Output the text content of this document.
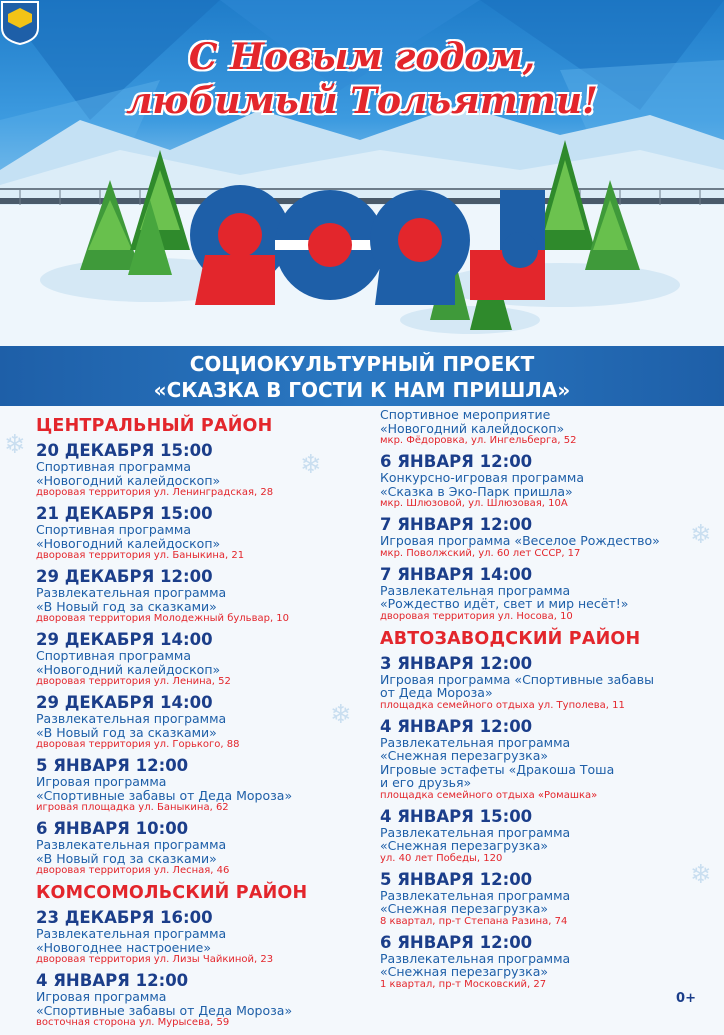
С Новым годом,
любимый Тольятти!
СОЦИОКУЛЬТУРНЫЙ ПРОЕКТ
«СКАЗКА В ГОСТИ К НАМ ПРИШЛА»
❄
❄
❄
❄
❄
ЦЕНТРАЛЬНЫЙ РАЙОН
20 ДЕКАБРЯ 15:00
Спортивная программа
«Новогодний калейдоскоп»
дворовая территория ул. Ленинградская, 28
21 ДЕКАБРЯ 15:00
Спортивная программа
«Новогодний калейдоскоп»
дворовая территория ул. Баныкина, 21
29 ДЕКАБРЯ 12:00
Развлекательная программа
«В Новый год за сказками»
дворовая территория Молодежный бульвар, 10
29 ДЕКАБРЯ 14:00
Спортивная программа
«Новогодний калейдоскоп»
дворовая территория ул. Ленина, 52
29 ДЕКАБРЯ 14:00
Развлекательная программа
«В Новый год за сказками»
дворовая территория ул. Горького, 88
5 ЯНВАРЯ 12:00
Игровая программа
«Спортивные забавы от Деда Мороза»
игровая площадка ул. Баныкина, 62
6 ЯНВАРЯ 10:00
Развлекательная программа
«В Новый год за сказками»
дворовая территория ул. Лесная, 46
КОМСОМОЛЬСКИЙ РАЙОН
23 ДЕКАБРЯ 16:00
Развлекательная программа
«Новогоднее настроение»
дворовая территория ул. Лизы Чайкиной, 23
4 ЯНВАРЯ 12:00
Игровая программа
«Спортивные забавы от Деда Мороза»
восточная сторона ул. Мурысева, 59
Спортивное мероприятие
«Новогодний калейдоскоп»
мкр. Фёдоровка, ул. Ингельберга, 52
6 ЯНВАРЯ 12:00
Конкурсно-игровая программа
«Сказка в Эко-Парк пришла»
мкр. Шлюзовой, ул. Шлюзовая, 10А
7 ЯНВАРЯ 12:00
Игровая программа «Веселое Рождество»
мкр. Поволжский, ул. 60 лет СССР, 17
7 ЯНВАРЯ 14:00
Развлекательная программа
«Рождество идёт, свет и мир несёт!»
дворовая территория ул. Носова, 10
АВТОЗАВОДСКИЙ РАЙОН
3 ЯНВАРЯ 12:00
Игровая программа «Спортивные забавы
от Деда Мороза»
площадка семейного отдыха ул. Туполева, 11
4 ЯНВАРЯ 12:00
Развлекательная программа
«Снежная перезагрузка»
Игровые эстафеты «Дракоша Тоша
и его друзья»
площадка семейного отдыха «Ромашка»
4 ЯНВАРЯ 15:00
Развлекательная программа
«Снежная перезагрузка»
ул. 40 лет Победы, 120
5 ЯНВАРЯ 12:00
Развлекательная программа
«Снежная перезагрузка»
8 квартал, пр-т Степана Разина, 74
6 ЯНВАРЯ 12:00
Развлекательная программа
«Снежная перезагрузка»
1 квартал, пр-т Московский, 27
0+
